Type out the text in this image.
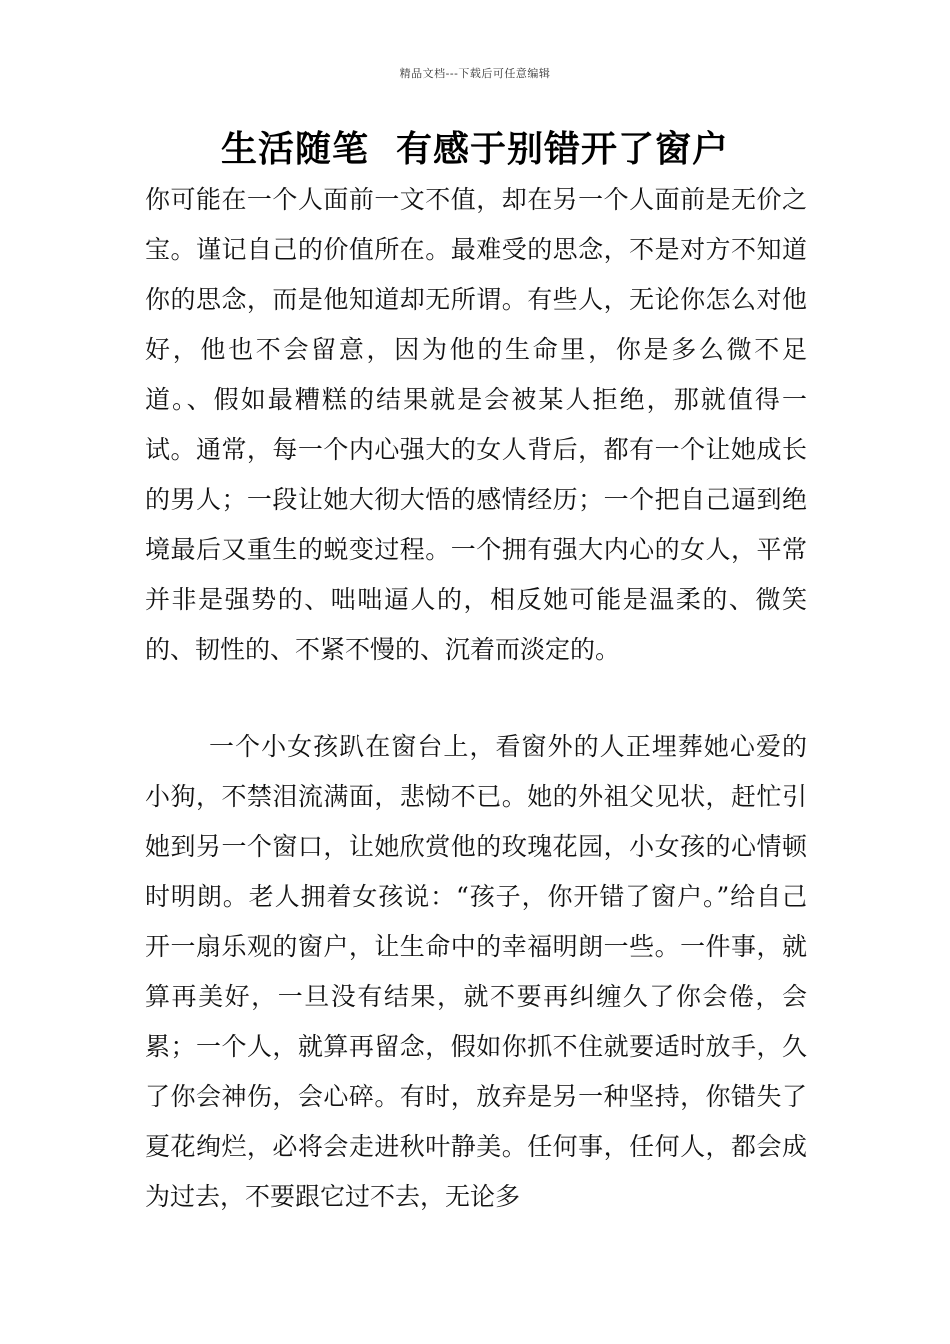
精品文档---下载后可任意编辑
生活随笔  有感于别错开了窗户

你可能在一个人面前一文不值，却在另一个人面前是无价之宝。谨记自己的价值所在。最难受的思念，不是对方不知道你的思念，而是他知道却无所谓。有些人，无论你怎么对他好，他也不会留意，因为他的生命里，你是多么微不足道。、假如最糟糕的结果就是会被某人拒绝，那就值得一试。通常，每一个内心强大的女人背后，都有一个让她成长的男人；一段让她大彻大悟的感情经历；一个把自己逼到绝境最后又重生的蜕变过程。一个拥有强大内心的女人，平常并非是强势的、咄咄逼人的，相反她可能是温柔的、微笑的、韧性的、不紧不慢的、沉着而淡定的。

一个小女孩趴在窗台上，看窗外的人正埋葬她心爱的小狗，不禁泪流满面，悲恸不已。她的外祖父见状，赶忙引她到另一个窗口，让她欣赏他的玫瑰花园，小女孩的心情顿时明朗。老人拥着女孩说：“孩子，你开错了窗户。”给自己开一扇乐观的窗户，让生命中的幸福明朗一些。一件事，就算再美好，一旦没有结果，就不要再纠缠久了你会倦，会累；一个人，就算再留念，假如你抓不住就要适时放手，久了你会神伤，会心碎。有时，放弃是另一种坚持，你错失了夏花绚烂，必将会走进秋叶静美。任何事，任何人，都会成为过去，不要跟它过不去，无论多
